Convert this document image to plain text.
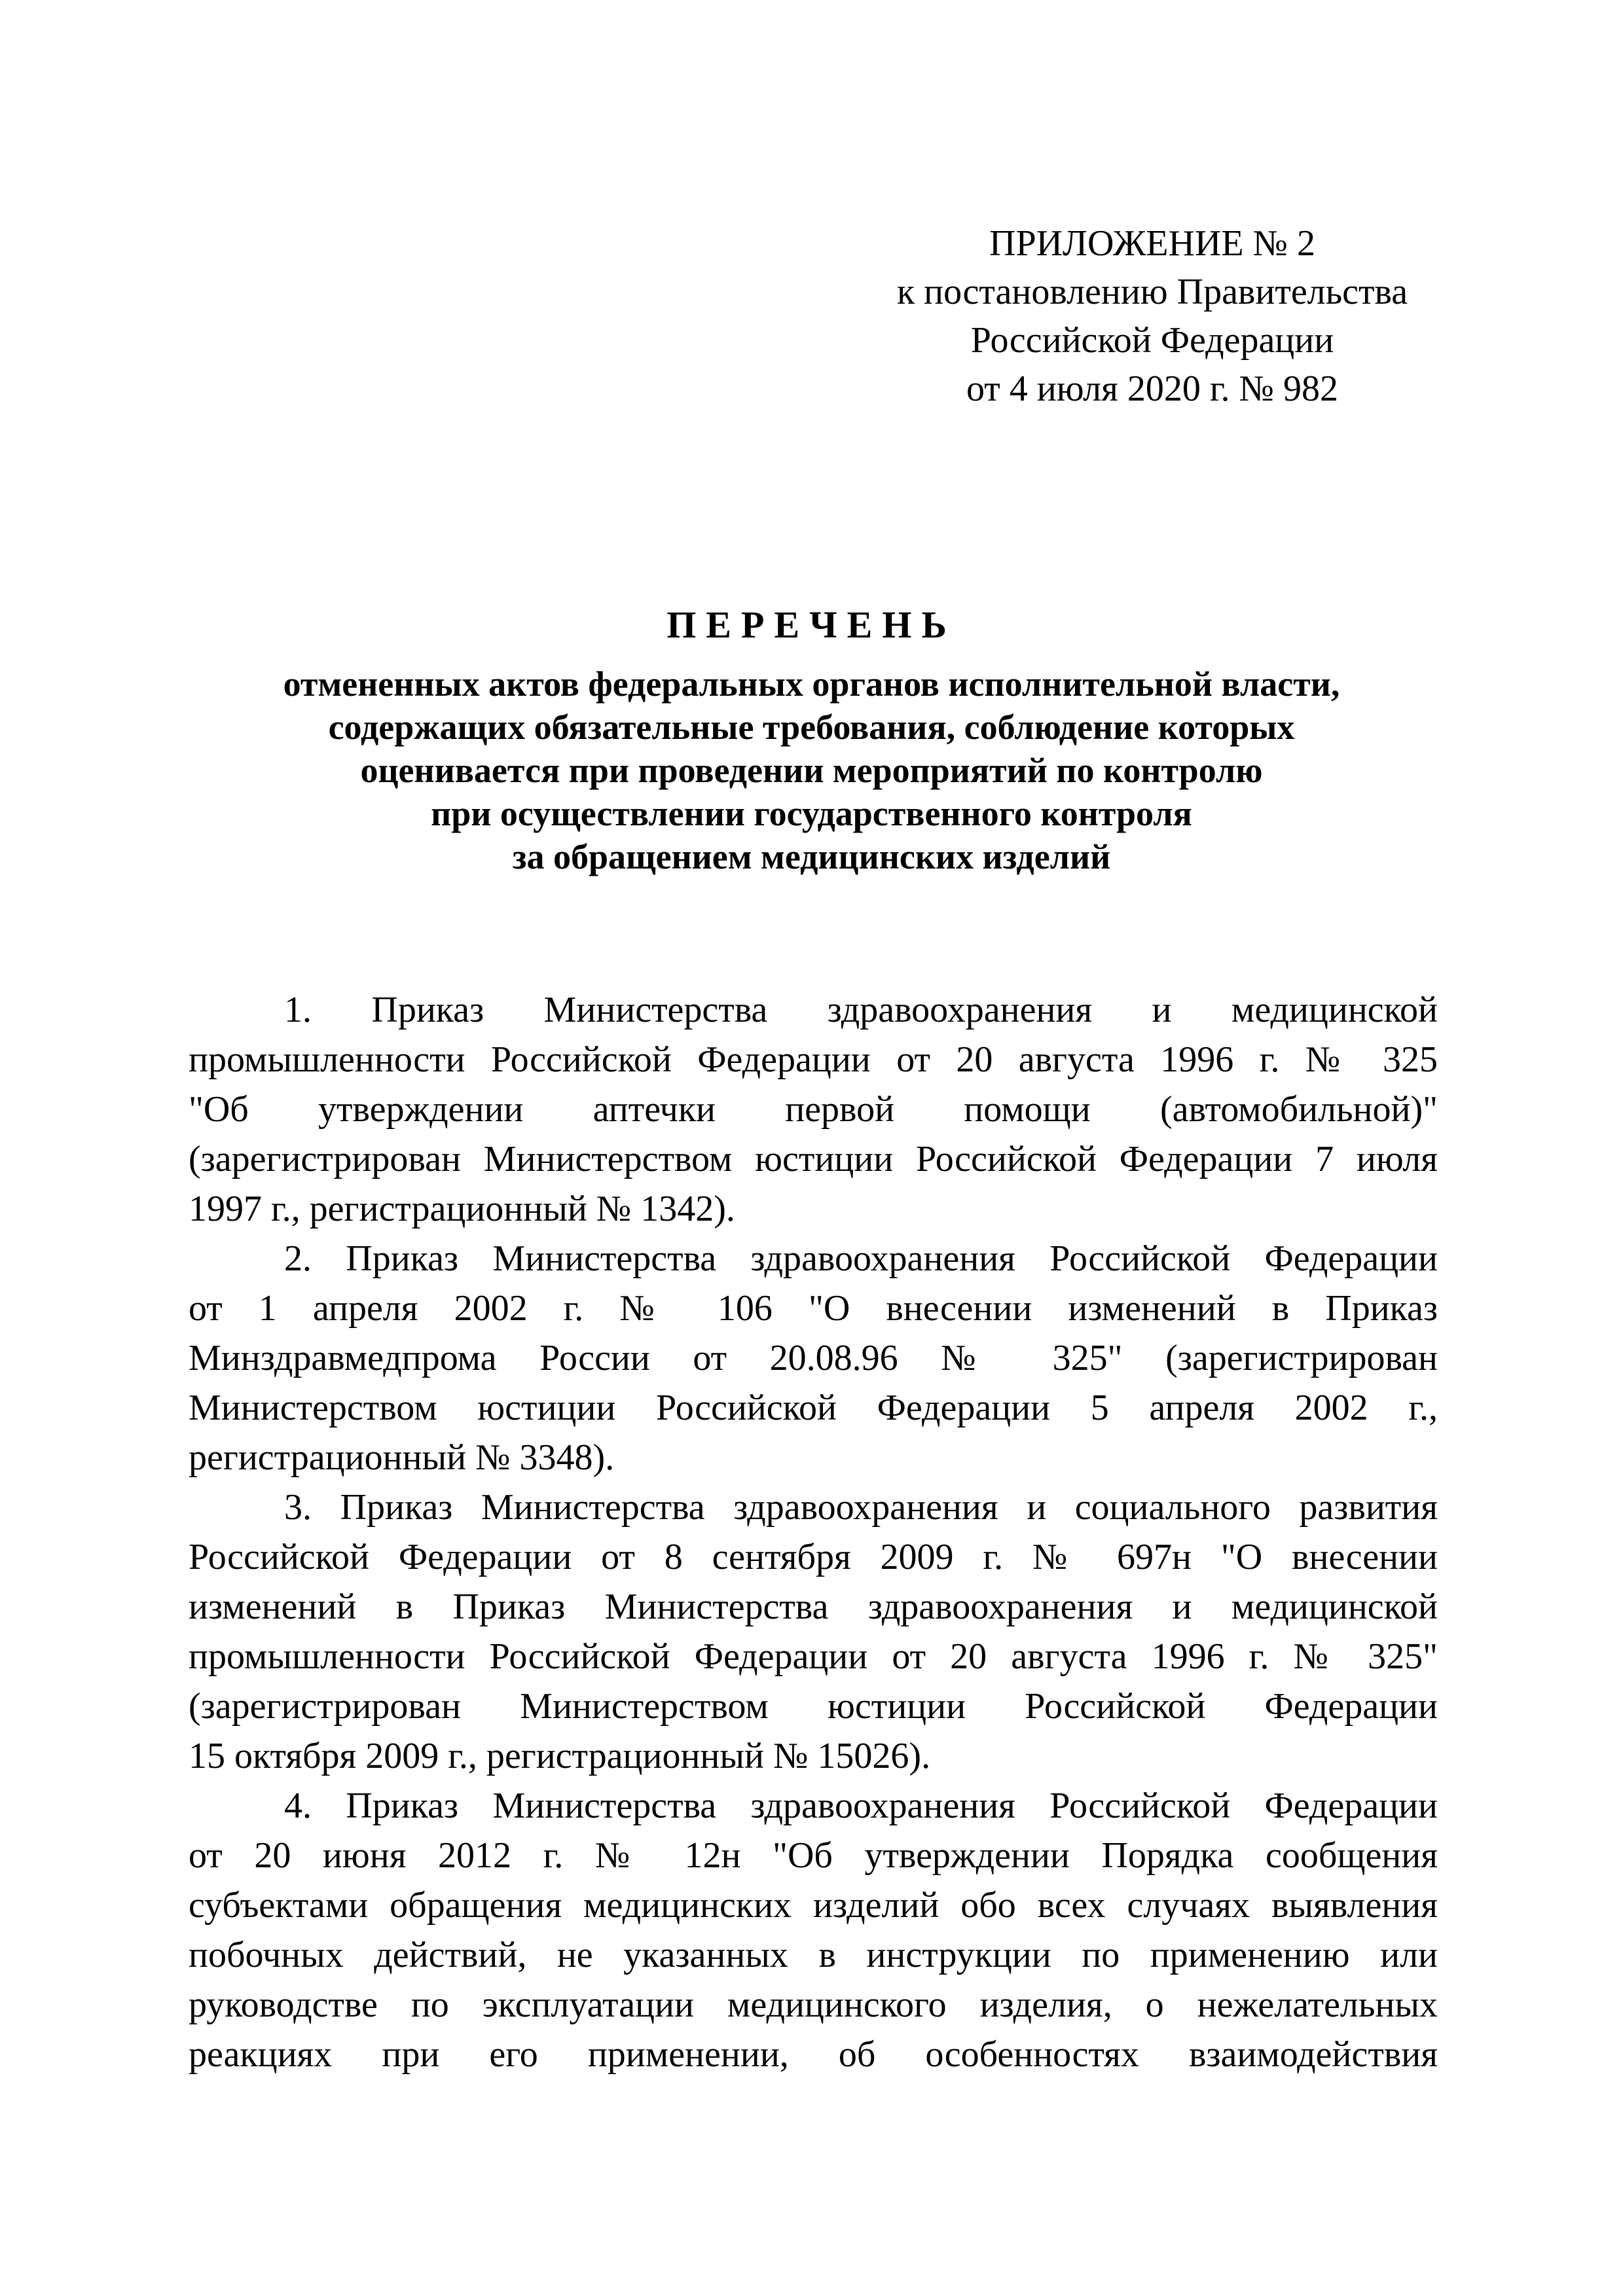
ПРИЛОЖЕНИЕ № 2
к постановлению Правительства
Российской Федерации
от 4 июля 2020 г. № 982
ПЕРЕЧЕНЬ
отмененных актов федеральных органов исполнительной власти,
содержащих обязательные требования, соблюдение которых
оценивается при проведении мероприятий по контролю
при осуществлении государственного контроля
за обращением медицинских изделий
1. Приказ Министерства здравоохранения и медицинской
промышленности Российской Федерации от 20 августа 1996 г. № 325
"Об утверждении аптечки первой помощи (автомобильной)"
(зарегистрирован Министерством юстиции Российской Федерации 7 июля
1997 г., регистрационный № 1342).
2. Приказ Министерства здравоохранения Российской Федерации
от 1 апреля 2002 г. № 106 "О внесении изменений в Приказ
Минздравмедпрома России от 20.08.96 № 325" (зарегистрирован
Министерством юстиции Российской Федерации 5 апреля 2002 г.,
регистрационный № 3348).
3. Приказ Министерства здравоохранения и социального развития
Российской Федерации от 8 сентября 2009 г. № 697н "О внесении
изменений в Приказ Министерства здравоохранения и медицинской
промышленности Российской Федерации от 20 августа 1996 г. № 325"
(зарегистрирован Министерством юстиции Российской Федерации
15 октября 2009 г., регистрационный № 15026).
4. Приказ Министерства здравоохранения Российской Федерации
от 20 июня 2012 г. № 12н "Об утверждении Порядка сообщения
субъектами обращения медицинских изделий обо всех случаях выявления
побочных действий, не указанных в инструкции по применению или
руководстве по эксплуатации медицинского изделия, о нежелательных
реакциях при его применении, об особенностях взаимодействия
